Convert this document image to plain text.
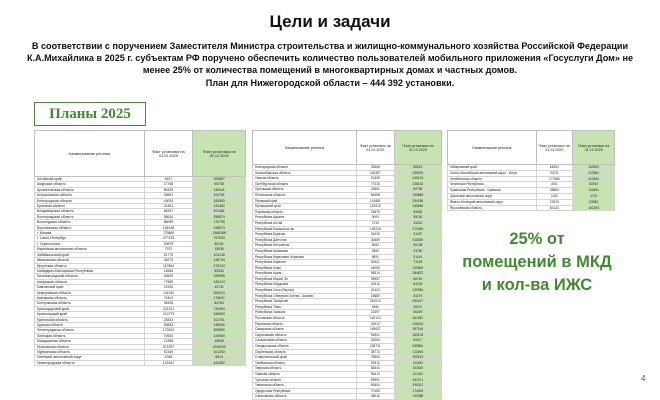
Цели и задачи
В соответствии с поручением Заместителя Министра строительства и жилищно-коммунального хозяйства Российской Федерации
К.А.Михайлика в 2025 г. субъектам РФ поручено обеспечить количество пользователей мобильного приложения «Госуслуги Дом» не
менее 25% от количества помещений в многоквартирных домах и частных домов.
План для Нижегородской области – 444 392 установки.
Планы 2025
Наименование региона	Факт установок на 01.01.2025	План установок на 31.12.2025
Алтайский край	6427	209807
Амурская область	17768	95738
Архангельская область	80439	146041
Астраханская область	26661	104751
Белгородская область	43093	189953
Брянская область	41451	131462
Владимирская область	86157	201481
Волгоградская область	98610	298574
Вологодская область	86099	170795
Воронежская область	106148	318573
г. Москва	723865	1366388
г. Санкт-Петербург	477433	797653
г. Севастополь	20679	55131
Еврейская автономная область	7972	15536
Забайкальский край	51779	101148
Ивановская область	45279	148734
Иркутская область	117864	279124
Кабардино-Балкарская Республика	14655	83334
Калининградская область	63629	159999
Калужская область	77669	145124
Камчатский край	21920	40741
Кемеровская область	101120	306010
Кировская область	74404	175647
Костромская область	38195	84764
Краснодарский край	221221	726493
Красноярский край	212773	346983
Курганская область	28434	102751
Курская область	59833	138530
Ленинградская область	172624	309590
Липецкая область	70604	144983
Магаданская область	12398	19838
Московская область	571397	1235933
Мурманская область	52345	101253
Ненецкий автономный округ	1946	6514
Нижегородская область	121461	444392
Наименование региона	Факт установок на 01.01.2025	План установок на 31.12.2025
Новгородская область	32566	68313
Новосибирская область	160397	338393
Омская область	91309	246213
Оренбургская область	77430	238134
Орловская область	43561	82708
Пензенская область	56498	145884
Пермский край	141881	294188
Приморский край	123215	235660
Псковская область	23879	80834
Республика Адыгея	9004	55130
Республика Алтай	7233	25310
Республика Башкортостан	149218	479454
Республика Бурятия	34339	91437
Республика Дагестан	30689	218300
Республика Ингушетия	8063	50138
Республика Калмыкия	3963	23780
Республика Карачаево-Черкесия	8891	51441
Республика Карелия	40021	73149
Республика Коми	44060	129800
Республика Крым	98314	284837
Республика Марий Эл	28957	86751
Республика Мордовия	30412	84233
Республика Саха (Якутия)	40124	120584
Республика Северная Осетия - Алания	15880	83279
Республика Татарстан	251013	533417
Республика Тыва	5460	26371
Республика Хакасия	22497	66249
Ростовская область	140124	461087
Рязанская область	49412	126414
Самарская область	169637	397146
Саратовская область	96301	280103
Сахалинская область	33264	69217
Свердловская область	228731	535861
Смоленская область	38773	113493
Ставропольский край	78564	305213
Тамбовская область	29312	110432
Тверская область	58344	153519
Томская область	56413	121467
Тульская область	89991	192071
Тюменская область	80604	199312
Удмуртская Республика	70183	174003
Ульяновская область	48016	140388
Наименование региона	Факт установок на 01.01.2025	План установок на 31.12.2025
Хабаровский край	65394	160924
Ханты-Мансийский автономный округ - Югра	94711	203384
Челябинская область	177566	413924
Чеченская Республика	4911	83764
Чувашская Республика - Чувашия	38564	140451
Чукотский автономный округ	1193	4731
Ямало-Ненецкий автономный округ	22576	53284
Ярославская область	84124	161293
25% от
помещений в МКД
и кол-ва ИЖС
4
